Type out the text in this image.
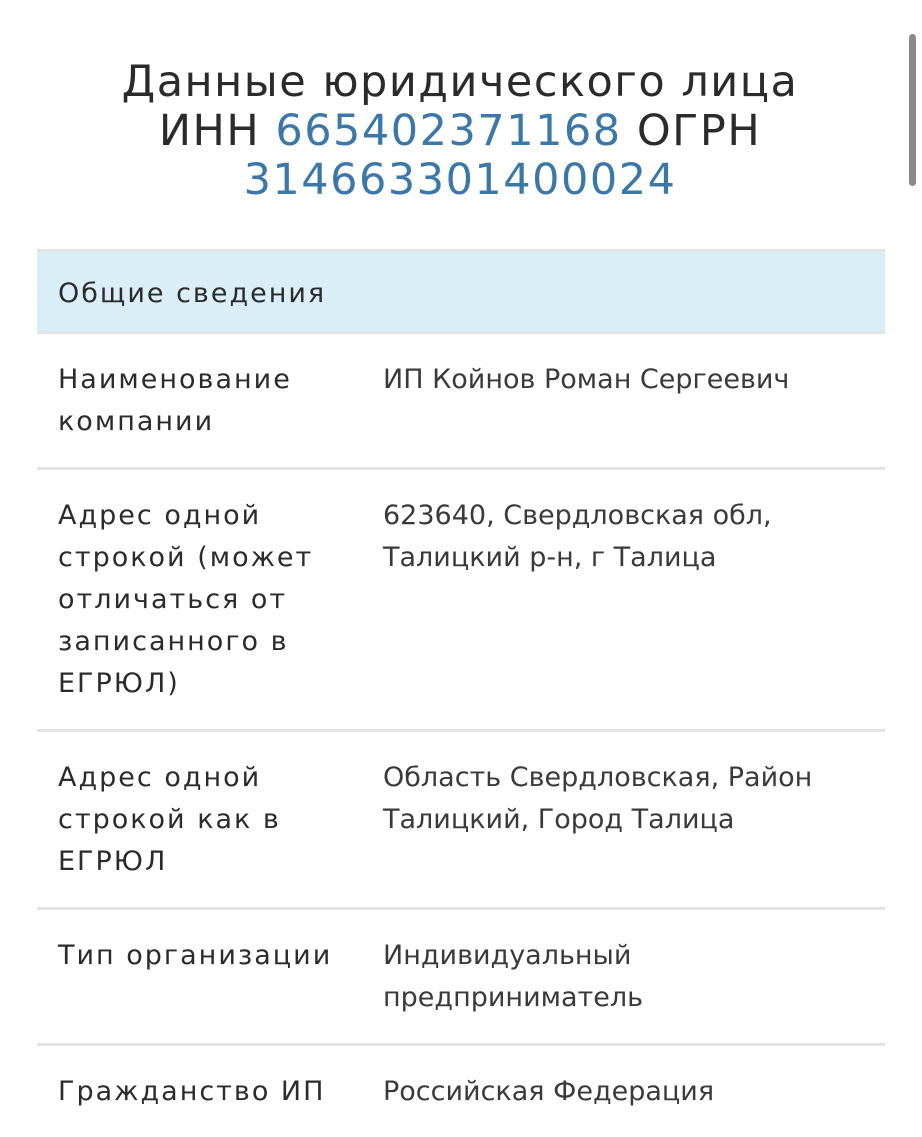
Данные юридического лица
ИНН 665402371168 ОГРН
314663301400024
Общие сведения
Наименование компании
ИП Койнов Роман Сергеевич
Адрес одной строкой (может отличаться от записанного в ЕГРЮЛ)
623640, Свердловская обл, Талицкий р-н, г Талица
Адрес одной строкой как в ЕГРЮЛ
Область Свердловская, Район Талицкий, Город Талица
Тип организации	Индивидуальный предприниматель
Гражданство ИП	Российская Федерация
